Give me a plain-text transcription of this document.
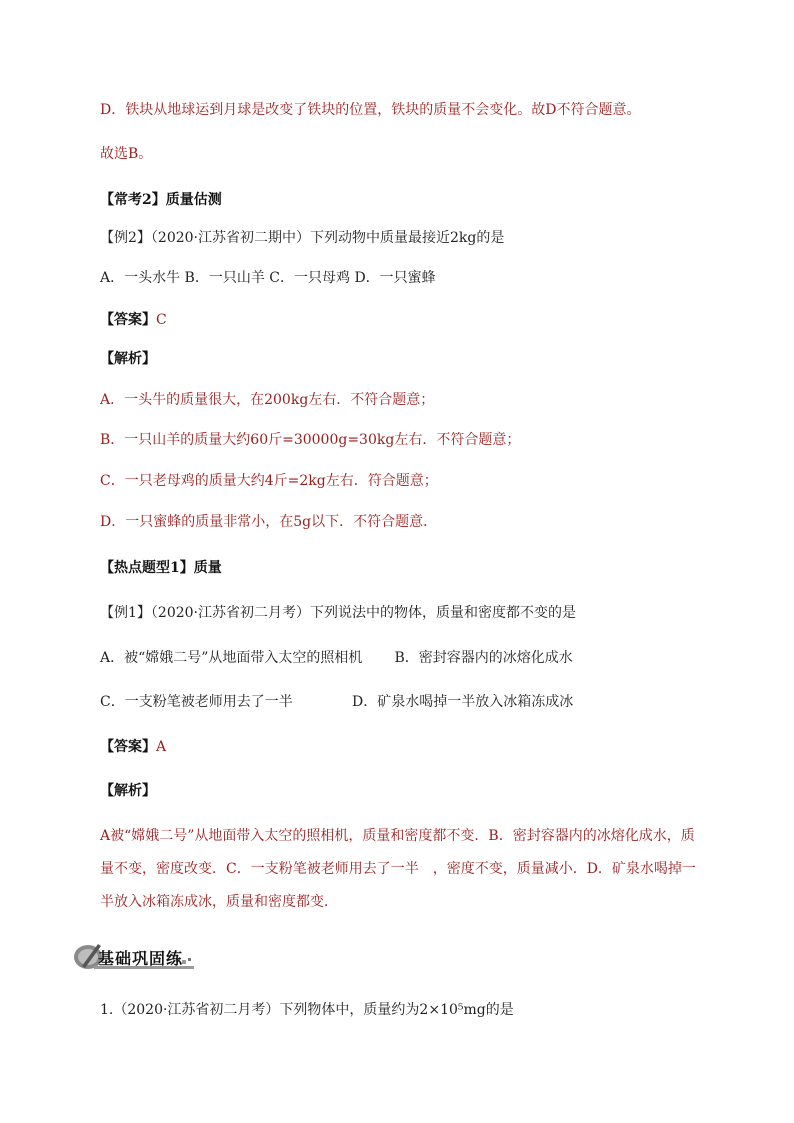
D．铁块从地球运到月球是改变了铁块的位置，铁块的质量不会变化。故D不符合题意。
故选B。
【常考2】质量估测
【例2】（2020·江苏省初二期中）下列动物中质量最接近2kg的是
A．一头水牛 B．一只山羊 C．一只母鸡 D．一只蜜蜂
【答案】C
【解析】
A．一头牛的质量很大，在200kg左右．不符合题意；
B．一只山羊的质量大约60斤=30000g=30kg左右．不符合题意；
C．一只老母鸡的质量大约4斤=2kg左右．符合题意；
D．一只蜜蜂的质量非常小，在5g以下．不符合题意．
【热点题型1】质量
【例1】（2020·江苏省初二月考）下列说法中的物体，质量和密度都不变的是
A．被“嫦娥二号”从地面带入太空的照相机 B．密封容器内的冰熔化成水
C．一支粉笔被老师用去了一半	D．矿泉水喝掉一半放入冰箱冻成冰
【答案】A
【解析】
A被“嫦娥二号”从地面带入太空的照相机，质量和密度都不变．B．密封容器内的冰熔化成水，质量不变，密度改变．C．一支粉笔被老师用去了一半　，密度不变，质量减小．D．矿泉水喝掉一半放入冰箱冻成冰，质量和密度都变．
基础巩固练
1.（2020·江苏省初二月考）下列物体中，质量约为2×10⁵mg的是
